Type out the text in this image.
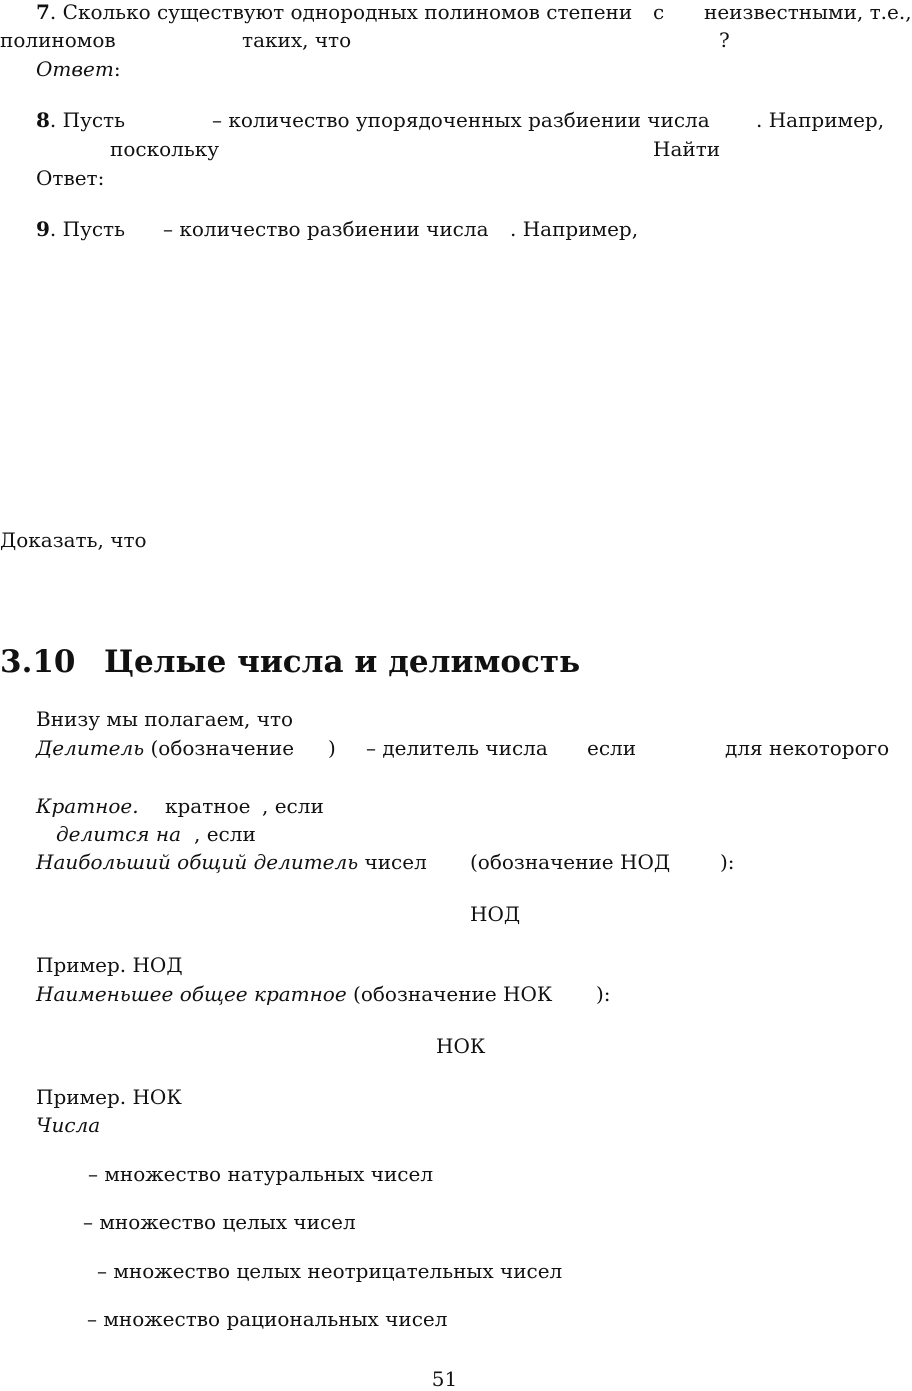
7. Сколько существуют однородных полиномов степени с неизвестными, т.е.,
полиномов	таких, что	?
Ответ:
8. Пусть	– количество упорядоченных разбиении числа . Например,
поскольку	Найти
Ответ:
9. Пусть – количество разбиении числа . Например,
Доказать, что
3.10 Целые числа и делимость
Внизу мы полагаем, что
Делитель (обозначение ) – делитель числа если	для некоторого
Кратное. кратное , если
делится на , если
Наибольший общий делитель чисел (обозначение НОД ):
НОД
Пример. НОД
Наименьшее общее кратное (обозначение НОК ):
НОК
Пример. НОК
Числа
– множество натуральных чисел
– множество целых чисел
– множество целых неотрицательных чисел
– множество рациональных чисел
51
